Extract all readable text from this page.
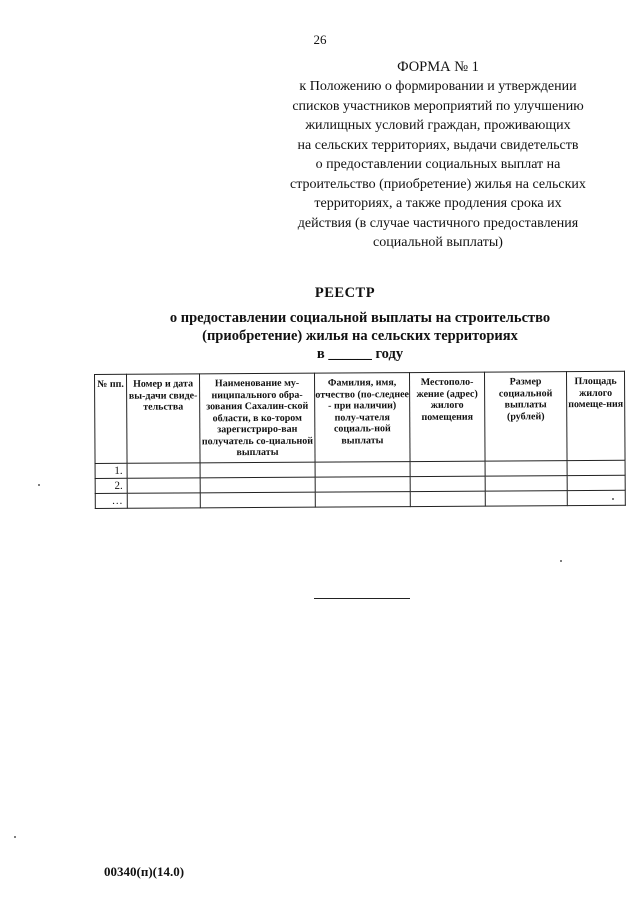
26
ФОРМА № 1
к Положению о формировании и утверждении
списков участников мероприятий по улучшению
жилищных условий граждан, проживающих
на сельских территориях, выдачи свидетельств
о предоставлении социальных выплат на
строительство (приобретение) жилья на сельских
территориях, а также продления срока их
действия (в случае частичного предоставления
социальной выплаты)
РЕЕСТР
о предоставлении социальной выплаты на строительство
(приобретение) жилья на сельских территориях
в ______ году
№ пп.	Номер и дата вы-дачи свиде-тельства	Наименование му-ниципального обра-зования Сахалин-ской области, в ко-тором зарегистриро-ван получатель со-циальной выплаты	Фамилия, имя, отчество (по-следнее - при наличии) полу-чателя социаль-ной выплаты	Местополо-жение (адрес) жилого помещения	Размер социальной выплаты (рублей)	Площадь жилого помеще-ния
1.						
2.						
…						
00340(п)(14.0)
